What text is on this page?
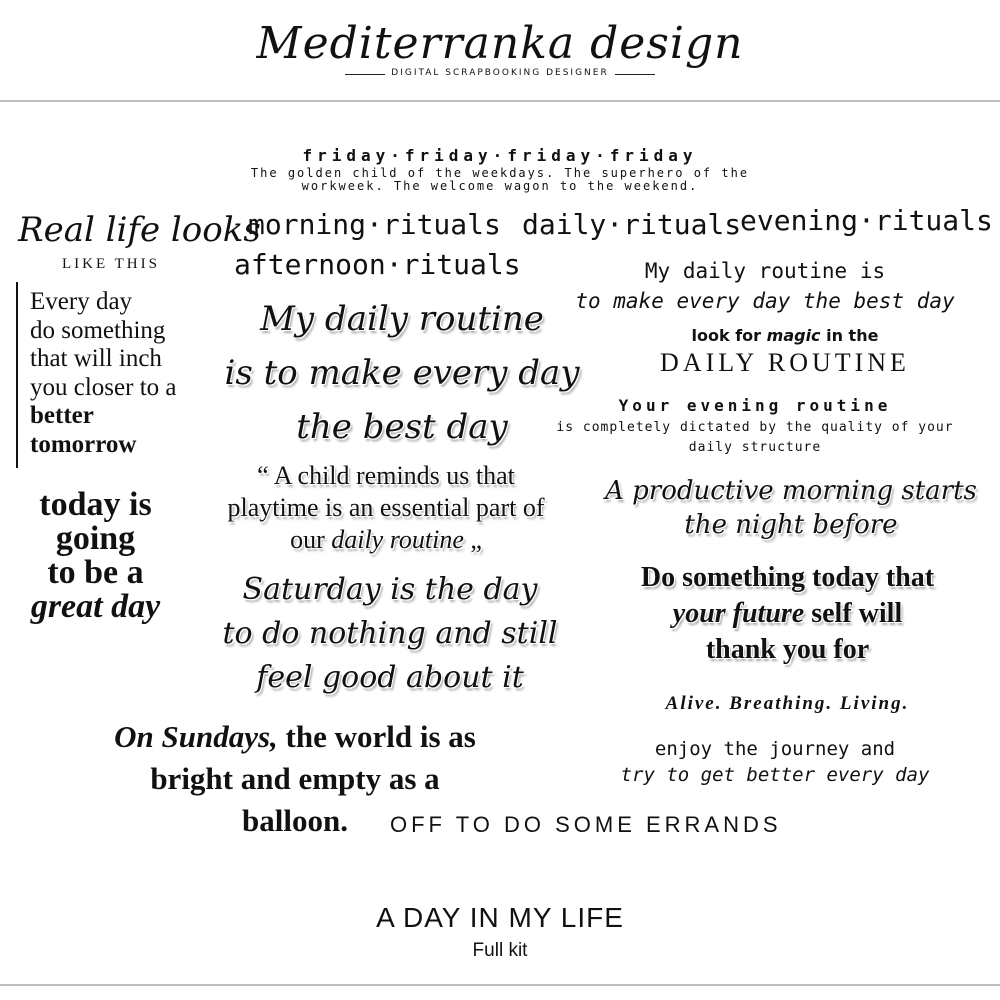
Mediterranka design
DIGITAL SCRAPBOOKING DESIGNER
friday·friday·friday·friday
The golden child of the weekdays. The superhero of the
workweek. The welcome wagon to the weekend.
Real life looks
LIKE THIS
morning·rituals daily·rituals
evening·rituals
afternoon·rituals	My daily routine is
to make every day the best day
Every day
do something
that will inch
you closer to a
better
tomorrow
My daily routine
is to make every day
the best day
look for magic in the
DAILY ROUTINE
Your evening routine
is completely dictated by the quality of your
daily structure
today is
going
to be a
great day
“ A child reminds us that
playtime is an essential part of
our daily routine „
A productive morning starts
the night before
Saturday is the day
to do nothing and still
feel good about it
Do something today that
your future self will
thank you for
Alive. Breathing. Living.
On Sundays, the world is as
bright and empty as a
balloon.
enjoy the journey and
try to get better every day
OFF TO DO SOME ERRANDS
A DAY IN MY LIFE
Full kit
